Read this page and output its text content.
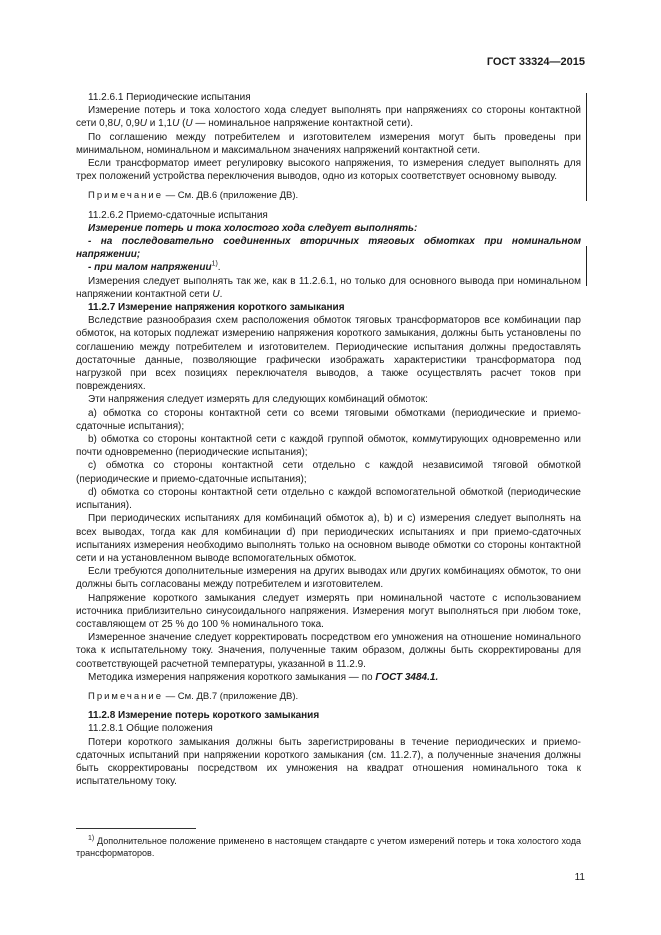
ГОСТ 33324—2015

11.2.6.1 Периодические испытания

Измерение потерь и тока холостого хода следует выполнять при напряжениях со стороны контактной сети 0,8U, 0,9U и 1,1U (U — номинальное напряжение контактной сети).

По соглашению между потребителем и изготовителем измерения могут быть проведены при минимальном, номинальном и максимальном значениях напряжений контактной сети.

Если трансформатор имеет регулировку высокого напряжения, то измерения следует выполнять для трех положений устройства переключения выводов, одно из которых соответствует основному выводу.

Примечание — См. ДВ.6 (приложение ДВ).

11.2.6.2 Приемо-сдаточные испытания

Измерение потерь и тока холостого хода следует выполнять:

- на последовательно соединенных вторичных тяговых обмотках при номинальном напряжении;

- при малом напряжении$^{1)}$.

Измерения следует выполнять так же, как в 11.2.6.1, но только для основного вывода при номинальном напряжении контактной сети U.

11.2.7 Измерение напряжения короткого замыкания

Вследствие разнообразия схем расположения обмоток тяговых трансформаторов все комбинации пар обмоток, на которых подлежат измерению напряжения короткого замыкания, должны быть установлены по соглашению между потребителем и изготовителем. Периодические испытания должны предоставлять достаточные данные, позволяющие графически изображать характеристики трансформатора под нагрузкой при всех позициях переключателя выводов, а также осуществлять расчет токов при повреждениях.

Эти напряжения следует измерять для следующих комбинаций обмоток:

а) обмотка со стороны контактной сети со всеми тяговыми обмотками (периодические и приемо-сдаточные испытания);

b) обмотка со стороны контактной сети с каждой группой обмоток, коммутирующих одновременно или почти одновременно (периодические испытания);

c) обмотка со стороны контактной сети отдельно с каждой независимой тяговой обмоткой (периодические и приемо-сдаточные испытания);

d) обмотка со стороны контактной сети отдельно с каждой вспомогательной обмоткой (периодические испытания).

При периодических испытаниях для комбинаций обмоток а), b) и c) измерения следует выполнять на всех выводах, тогда как для комбинации d) при периодических испытаниях и при приемо-сдаточных испытаниях измерения необходимо выполнять только на основном выводе обмотки со стороны контактной сети и на установленном выводе вспомогательных обмоток.

Если требуются дополнительные измерения на других выводах или других комбинациях обмоток, то они должны быть согласованы между потребителем и изготовителем.

Напряжение короткого замыкания следует измерять при номинальной частоте с использованием источника приблизительно синусоидального напряжения. Измерения могут выполняться при любом токе, составляющем от 25 % до 100 % номинального тока.

Измеренное значение следует корректировать посредством его умножения на отношение номинального тока к испытательному току. Значения, полученные таким образом, должны быть скорректированы для соответствующей расчетной температуры, указанной в 11.2.9.

Методика измерения напряжения короткого замыкания — по ГОСТ 3484.1.

Примечание — См. ДВ.7 (приложение ДВ).

11.2.8 Измерение потерь короткого замыкания

11.2.8.1 Общие положения

Потери короткого замыкания должны быть зарегистрированы в течение периодических и приемо-сдаточных испытаний при напряжении короткого замыкания (см. 11.2.7), а полученные значения должны быть скорректированы посредством их умножения на квадрат отношения номинального тока к испытательному току.

$^{1)}$ Дополнительное положение применено в настоящем стандарте с учетом измерений потерь и тока холостого хода трансформаторов.
11
